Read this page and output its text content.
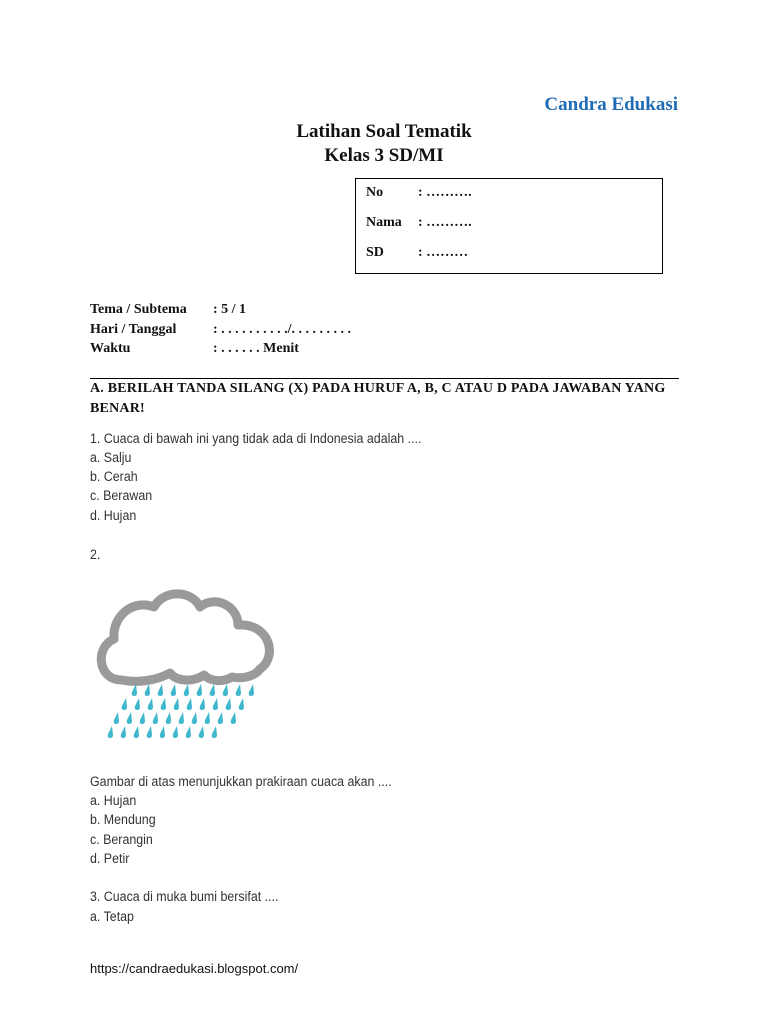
Candra Edukasi
Latihan Soal Tematik
Kelas 3 SD/MI
No : ……….
Nama : ……….
SD : ………
Tema / Subtema : 5 / 1
Hari / Tanggal	: . . . . . . . . . ./. . . . . . . . .
Waktu	: . . . . . . Menit
A. BERILAH TANDA SILANG (X) PADA HURUF A, B, C ATAU D PADA JAWABAN YANG BENAR!
1. Cuaca di bawah ini yang tidak ada di Indonesia adalah ....
a. Salju
b. Cerah
c. Berawan
d. Hujan
2.
Gambar di atas menunjukkan prakiraan cuaca akan ....
a. Hujan
b. Mendung
c. Berangin
d. Petir
3. Cuaca di muka bumi bersifat ....
a. Tetap
https://candraedukasi.blogspot.com/
